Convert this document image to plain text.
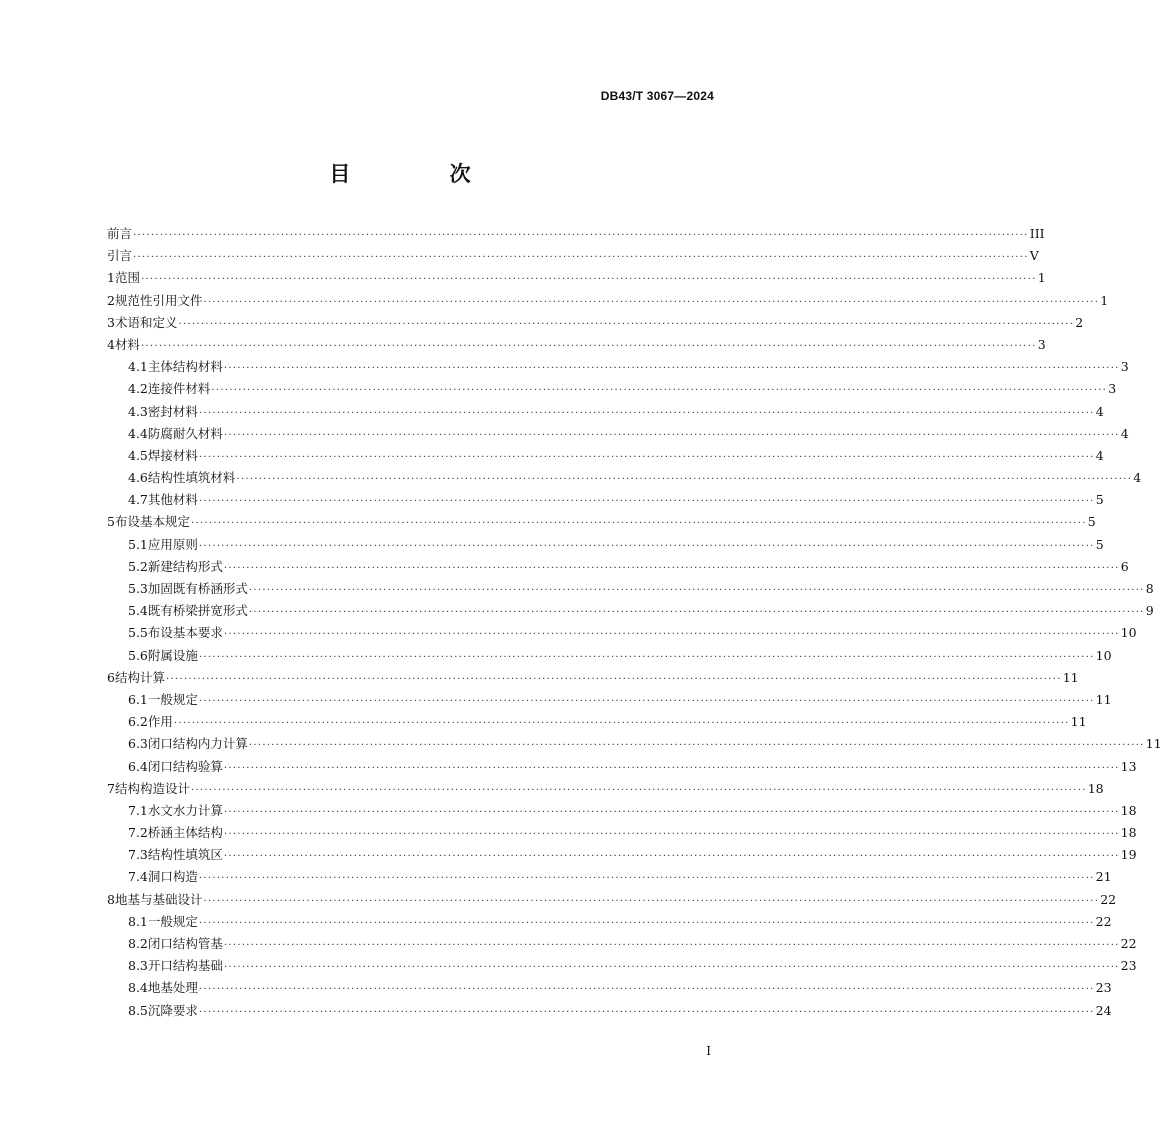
DB43/T 3067—2024
目 次
前言 ········································································································································································································ III
引言 ········································································································································································································ V
1 范围 ········································································································································································································ 1
2 规范性引用文件 ········································································································································································································ 1
3 术语和定义 ········································································································································································································ 2
4 材料 ········································································································································································································ 3
4.1 主体结构材料 ········································································································································································································ 3
4.2 连接件材料 ········································································································································································································ 3
4.3 密封材料 ········································································································································································································ 4
4.4 防腐耐久材料 ········································································································································································································ 4
4.5 焊接材料 ········································································································································································································ 4
4.6 结构性填筑材料 ········································································································································································································ 4
4.7 其他材料 ········································································································································································································ 5
5 布设基本规定 ········································································································································································································ 5
5.1 应用原则 ········································································································································································································ 5
5.2 新建结构形式 ········································································································································································································ 6
5.3 加固既有桥涵形式 ········································································································································································································ 8
5.4 既有桥梁拼宽形式 ········································································································································································································ 9
5.5 布设基本要求 ········································································································································································································ 10
5.6 附属设施 ········································································································································································································ 10
6 结构计算 ········································································································································································································ 11
6.1 一般规定 ········································································································································································································ 11
6.2 作用 ········································································································································································································ 11
6.3 闭口结构内力计算 ········································································································································································································ 11
6.4 闭口结构验算 ········································································································································································································ 13
7 结构构造设计 ········································································································································································································ 18
7.1 水文水力计算 ········································································································································································································ 18
7.2 桥涵主体结构 ········································································································································································································ 18
7.3 结构性填筑区 ········································································································································································································ 19
7.4 洞口构造 ········································································································································································································ 21
8 地基与基础设计 ········································································································································································································ 22
8.1 一般规定 ········································································································································································································ 22
8.2 闭口结构管基 ········································································································································································································ 22
8.3 开口结构基础 ········································································································································································································ 23
8.4 地基处理 ········································································································································································································ 23
8.5 沉降要求 ········································································································································································································ 24
I
